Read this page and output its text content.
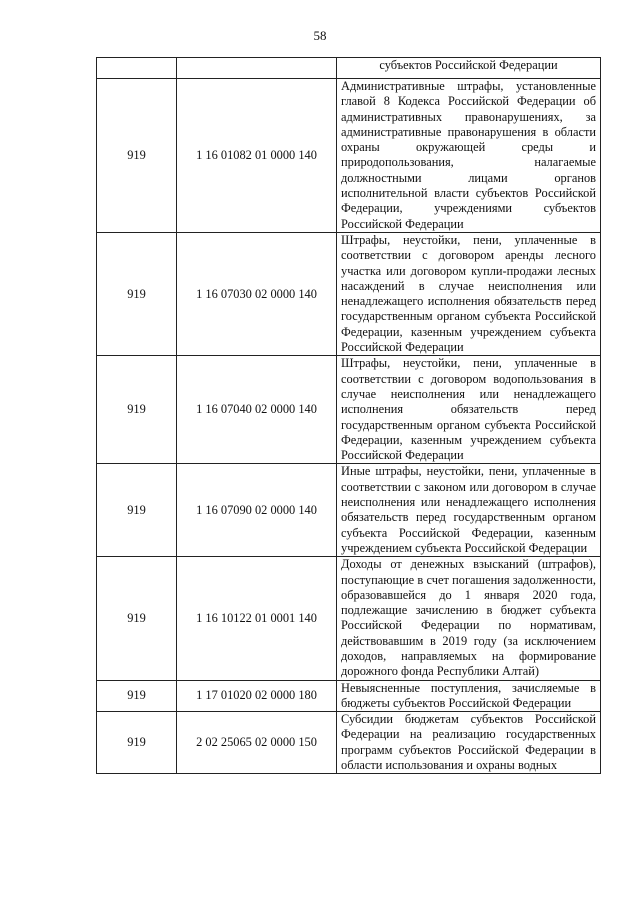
58
		субъектов Российской Федерации
919	1 16 01082 01 0000 140	Административные штрафы, установленные главой 8 Кодекса Российской Федерации об административных правонарушениях, за административные правонарушения в области охраны окружающей среды и природопользования, налагаемые должностными лицами органов исполнительной власти субъектов Российской Федерации, учреждениями субъектов Российской Федерации
919	1 16 07030 02 0000 140	Штрафы, неустойки, пени, уплаченные в соответствии с договором аренды лесного участка или договором купли-продажи лесных насаждений в случае неисполнения или ненадлежащего исполнения обязательств перед государственным органом субъекта Российской Федерации, казенным учреждением субъекта Российской Федерации
919	1 16 07040 02 0000 140	Штрафы, неустойки, пени, уплаченные в соответствии с договором водопользования в случае неисполнения или ненадлежащего исполнения обязательств перед государственным органом субъекта Российской Федерации, казенным учреждением субъекта Российской Федерации
919	1 16 07090 02 0000 140	Иные штрафы, неустойки, пени, уплаченные в соответствии с законом или договором в случае неисполнения или ненадлежащего исполнения обязательств перед государственным органом субъекта Российской Федерации, казенным учреждением субъекта Российской Федерации
919	1 16 10122 01 0001 140	Доходы от денежных взысканий (штрафов), поступающие в счет погашения задолженности, образовавшейся до 1 января 2020 года, подлежащие зачислению в бюджет субъекта Российской Федерации по нормативам, действовавшим в 2019 году (за исключением доходов, направляемых на формирование дорожного фонда Республики Алтай)
919	1 17 01020 02 0000 180	Невыясненные поступления, зачисляемые в бюджеты субъектов Российской Федерации
919	2 02 25065 02 0000 150	Субсидии бюджетам субъектов Российской Федерации на реализацию государственных программ субъектов Российской Федерации в области использования и охраны водных
